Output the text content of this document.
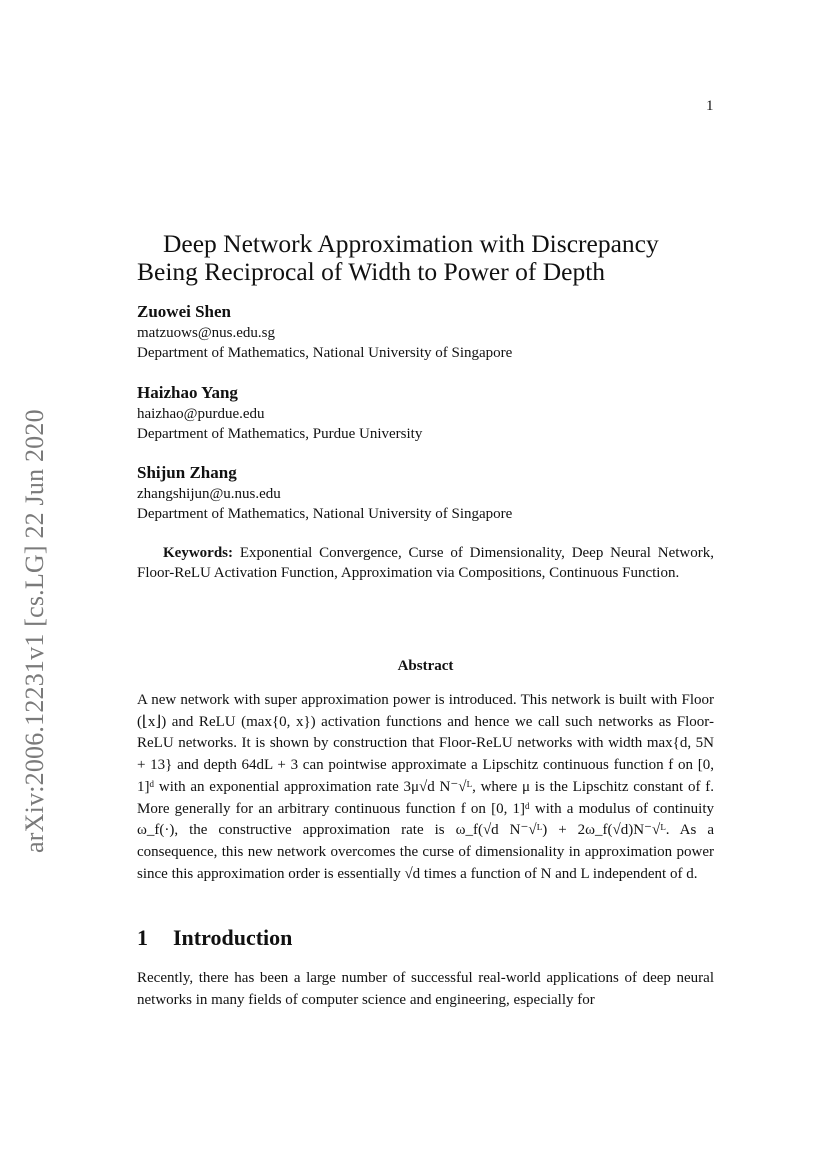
1
arXiv:2006.12231v1 [cs.LG] 22 Jun 2020
Deep Network Approximation with Discrepancy
Being Reciprocal of Width to Power of Depth
Zuowei Shen
matzuows@nus.edu.sg
Department of Mathematics, National University of Singapore
Haizhao Yang
haizhao@purdue.edu
Department of Mathematics, Purdue University
Shijun Zhang
zhangshijun@u.nus.edu
Department of Mathematics, National University of Singapore
Keywords: Exponential Convergence, Curse of Dimensionality, Deep Neural Network, Floor-ReLU Activation Function, Approximation via Compositions, Continuous Function.
Abstract
A new network with super approximation power is introduced. This network is built with Floor (⌊x⌋) and ReLU (max{0, x}) activation functions and hence we call such networks as Floor-ReLU networks. It is shown by construction that Floor-ReLU networks with width max{d, 5N + 13} and depth 64dL + 3 can pointwise approximate a Lipschitz continuous function f on [0, 1]ᵈ with an exponential approximation rate 3μ√d N⁻√ᴸ, where μ is the Lipschitz constant of f. More generally for an arbitrary continuous function f on [0, 1]ᵈ with a modulus of continuity ω_f(·), the constructive approximation rate is ω_f(√d N⁻√ᴸ) + 2ω_f(√d)N⁻√ᴸ. As a consequence, this new network overcomes the curse of dimensionality in approximation power since this approximation order is essentially √d times a function of N and L independent of d.
1 Introduction
Recently, there has been a large number of successful real-world applications of deep neural networks in many fields of computer science and engineering, especially for
